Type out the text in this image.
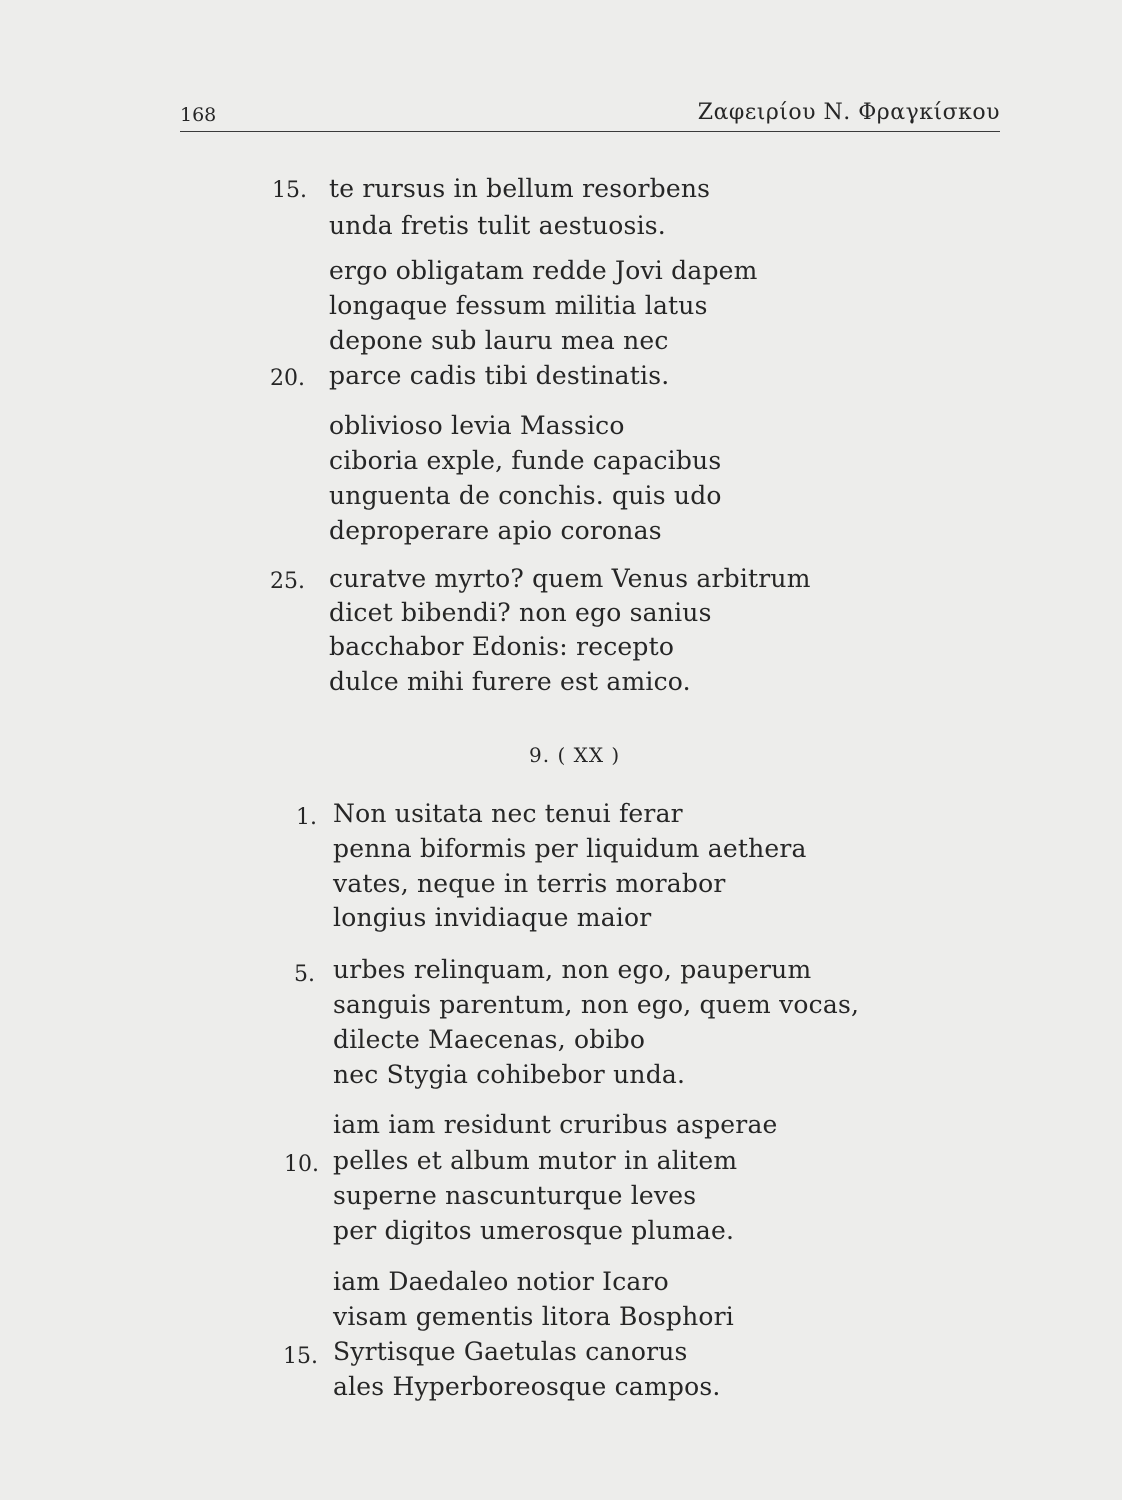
168	Ζαφειρίου Ν. Φραγκίσκου
15. te rursus in bellum resorbens
unda fretis tulit aestuosis.
ergo obligatam redde Jovi dapem
longaque fessum militia latus
depone sub lauru mea nec
20. parce cadis tibi destinatis.
oblivioso levia Massico
ciboria exple, funde capacibus
unguenta de conchis. quis udo
deproperare apio coronas
25. curatve myrto? quem Venus arbitrum
dicet bibendi? non ego sanius
bacchabor Edonis: recepto
dulce mihi furere est amico.
9. ( XX )
1. Non usitata nec tenui ferar
penna biformis per liquidum aethera
vates, neque in terris morabor
longius invidiaque maior
5. urbes relinquam, non ego, pauperum
sanguis parentum, non ego, quem vocas,
dilecte Maecenas, obibo
nec Stygia cohibebor unda.
iam iam residunt cruribus asperae
10. pelles et album mutor in alitem
superne nascunturque leves
per digitos umerosque plumae.
iam Daedaleo notior Icaro
visam gementis litora Bosphori
15. Syrtisque Gaetulas canorus
ales Hyperboreosque campos.
